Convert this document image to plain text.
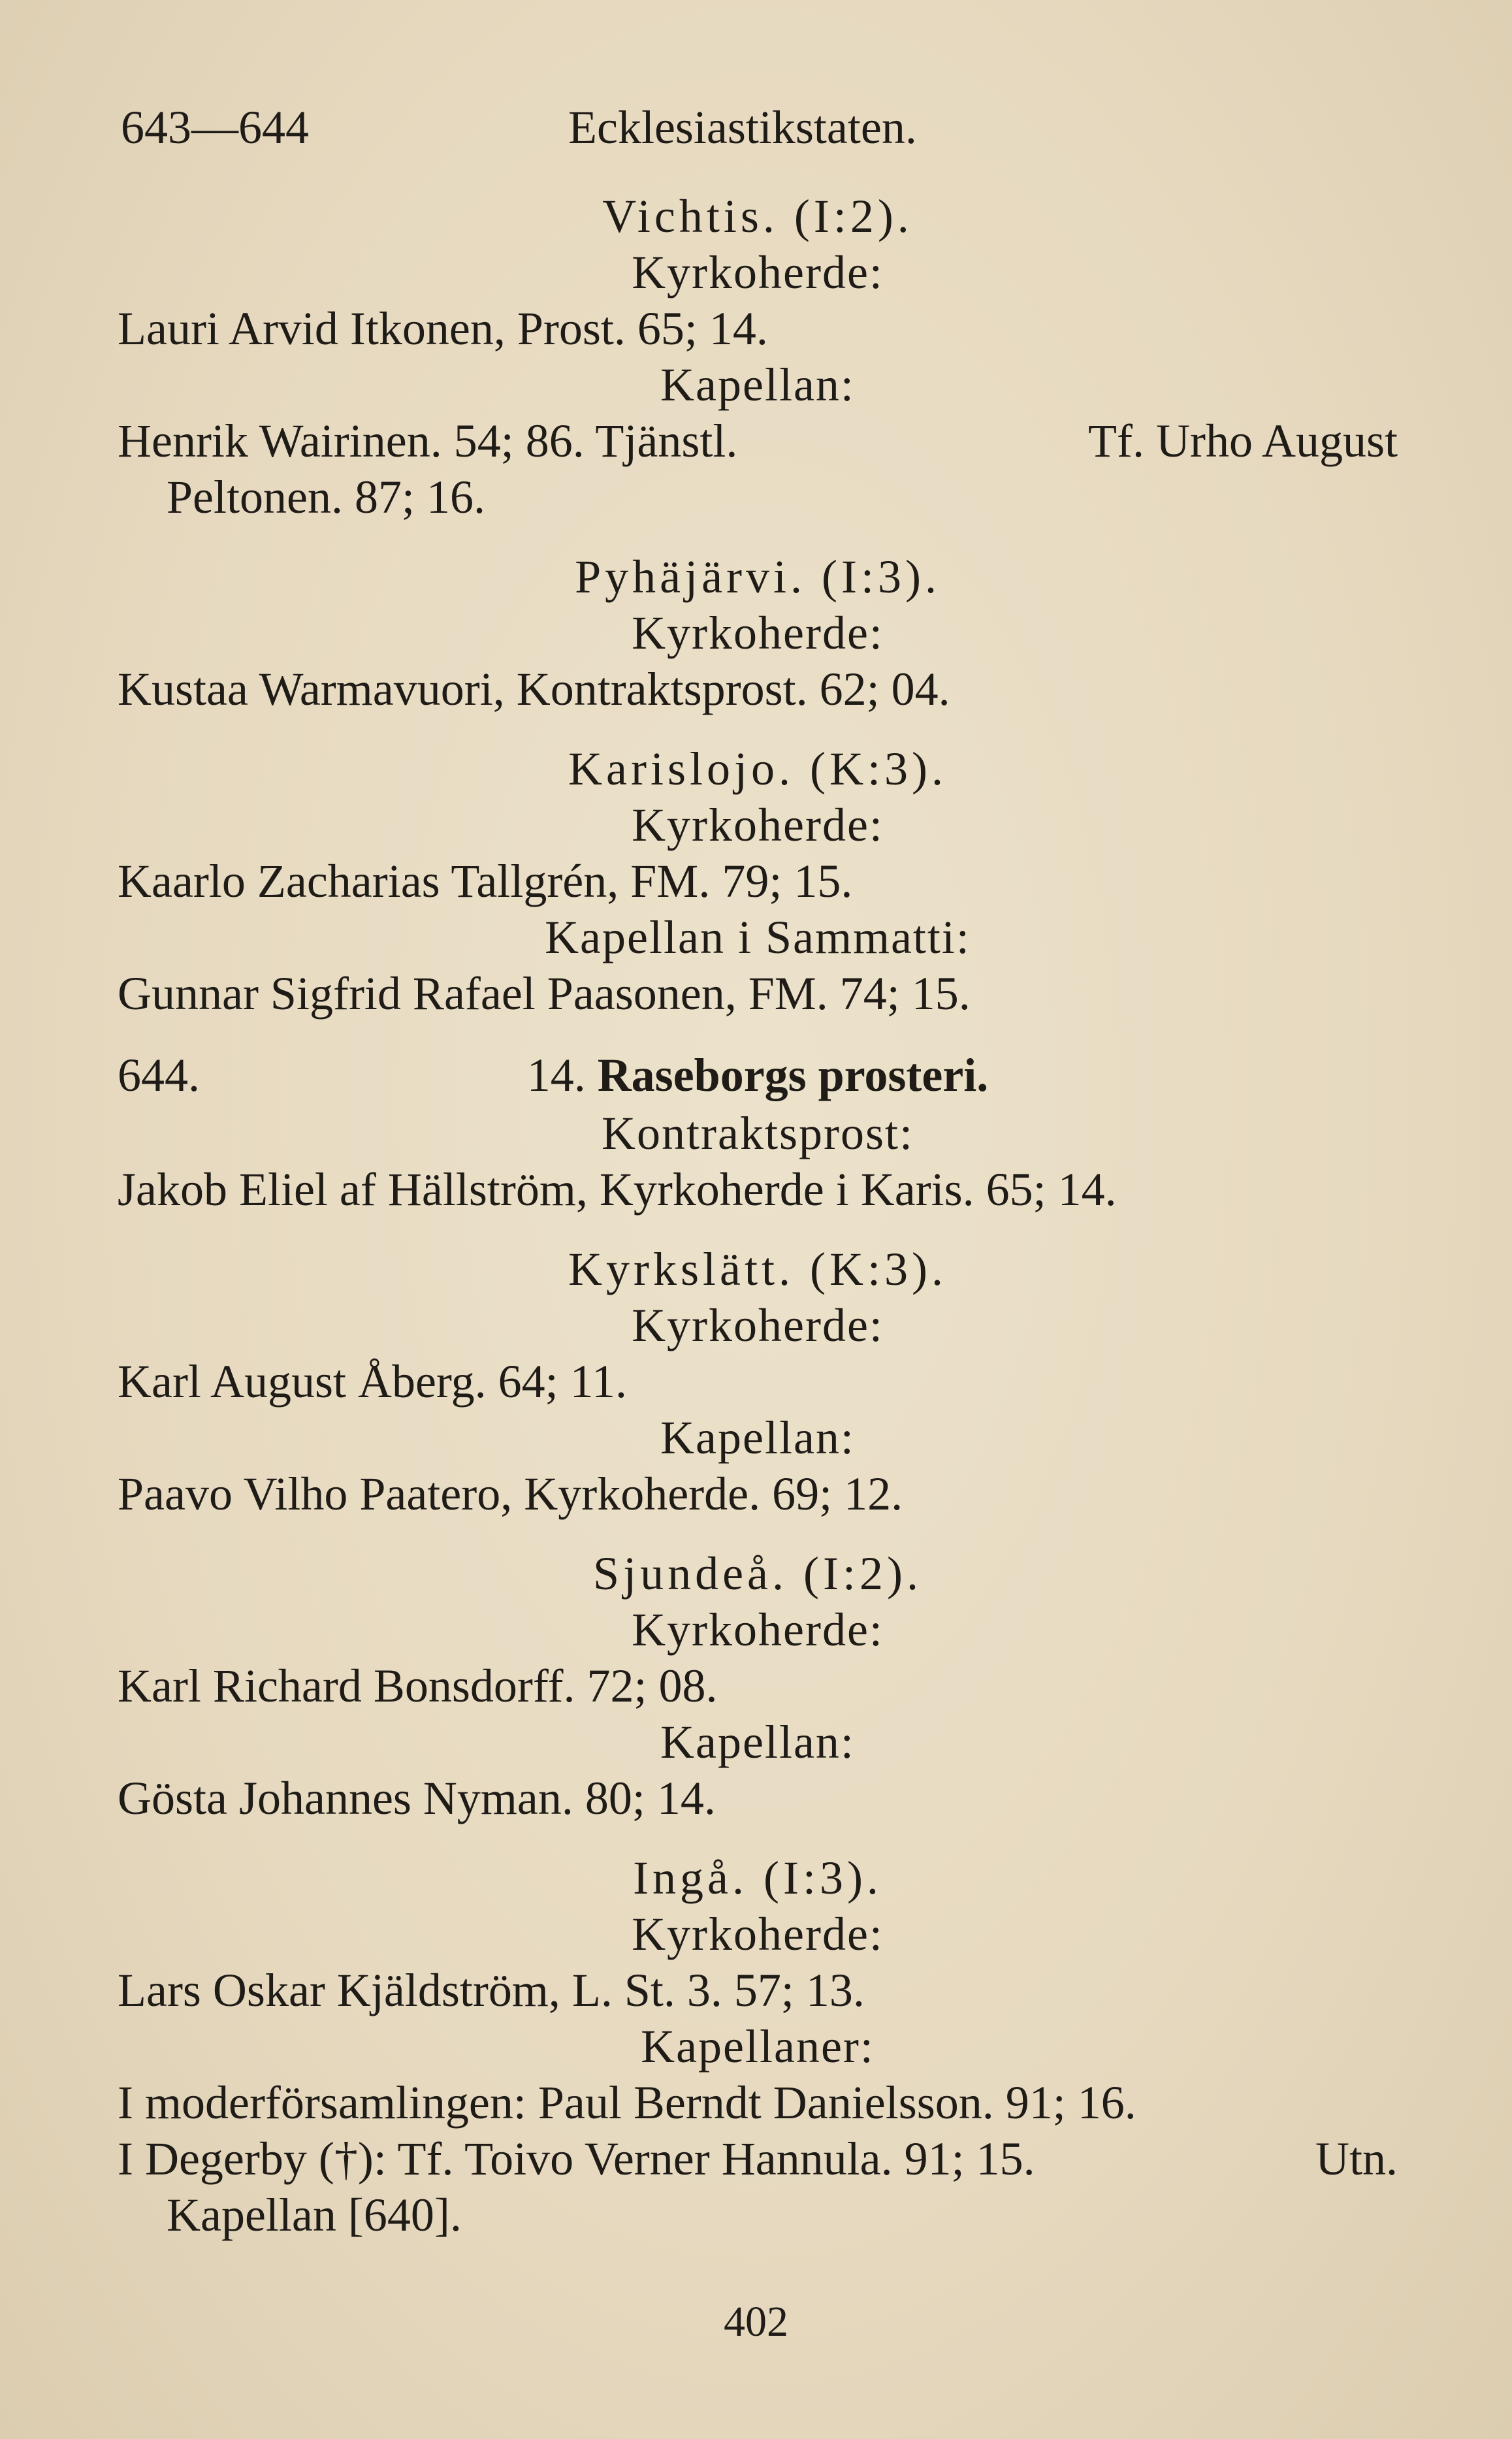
643—644	Ecklesiastikstaten.
Vichtis. (I:2).
Kyrkoherde:
Lauri Arvid Itkonen, Prost. 65; 14.
Kapellan:
Henrik Wairinen. 54; 86. Tjänstl.	Tf. Urho August
Peltonen. 87; 16.
Pyhäjärvi. (I:3).
Kyrkoherde:
Kustaa Warmavuori, Kontraktsprost. 62; 04.
Karislojo. (K:3).
Kyrkoherde:
Kaarlo Zacharias Tallgrén, FM. 79; 15.
Kapellan i Sammatti:
Gunnar Sigfrid Rafael Paasonen, FM. 74; 15.
644.	14. Raseborgs prosteri.
Kontraktsprost:
Jakob Eliel af Hällström, Kyrkoherde i Karis. 65; 14.
Kyrkslätt. (K:3).
Kyrkoherde:
Karl August Åberg. 64; 11.
Kapellan:
Paavo Vilho Paatero, Kyrkoherde. 69; 12.
Sjundeå. (I:2).
Kyrkoherde:
Karl Richard Bonsdorff. 72; 08.
Kapellan:
Gösta Johannes Nyman. 80; 14.
Ingå. (I:3).
Kyrkoherde:
Lars Oskar Kjäldström, L. St. 3. 57; 13.
Kapellaner:
I moderförsamlingen: Paul Berndt Danielsson. 91; 16.
I Degerby (†): Tf. Toivo Verner Hannula. 91; 15.	Utn.
Kapellan [640].
402
